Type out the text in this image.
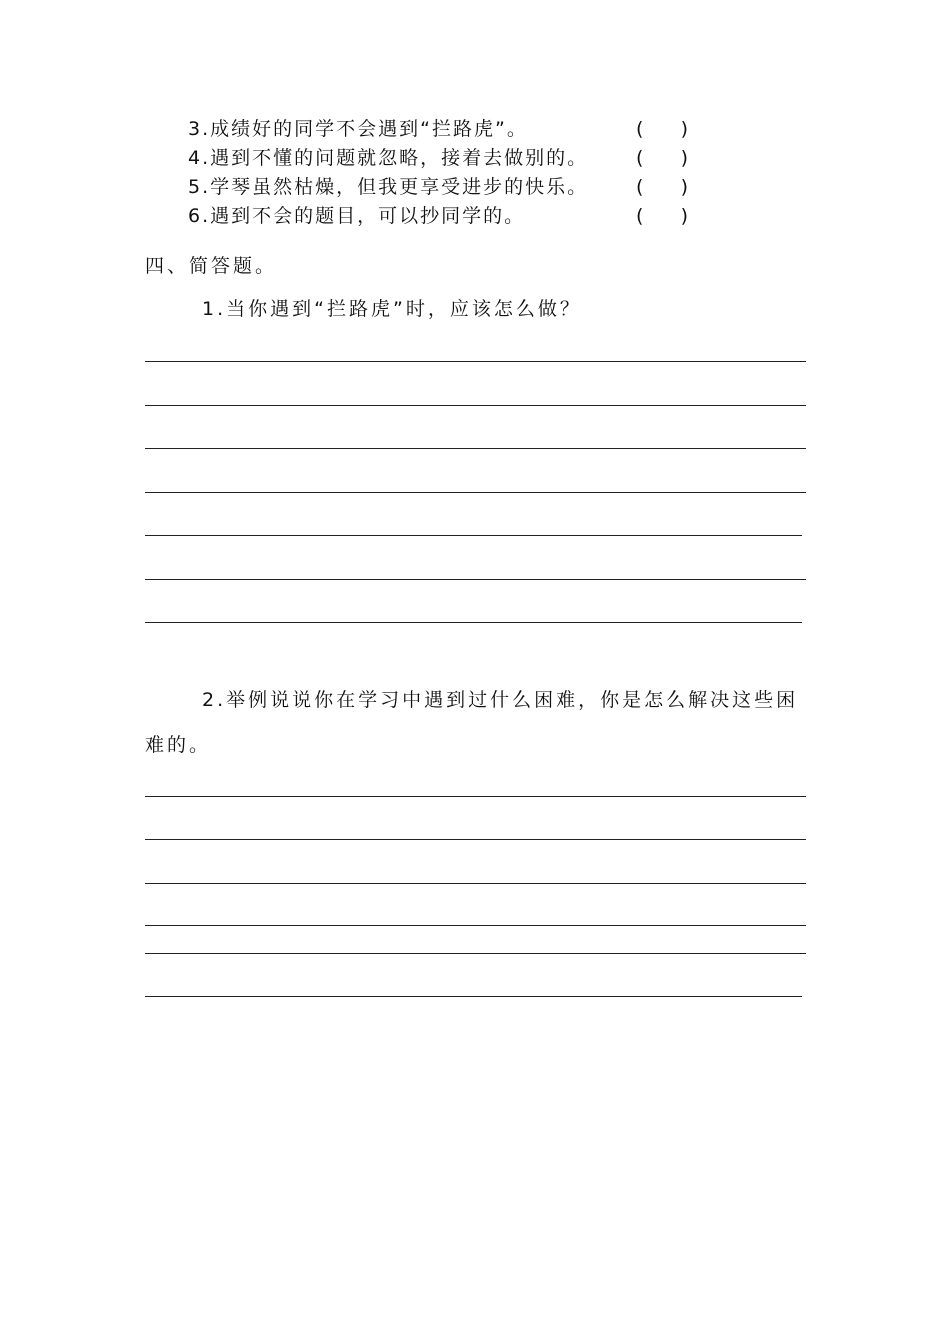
3.成绩好的同学不会遇到“拦路虎”。	( )
4.遇到不懂的问题就忽略，接着去做别的。	( )
5.学琴虽然枯燥，但我更享受进步的快乐。	( )
6.遇到不会的题目，可以抄同学的。	( )
四、简答题。
1.当你遇到“拦路虎”时，应该怎么做？
2.举例说说你在学习中遇到过什么困难，你是怎么解决这些困
难的。
